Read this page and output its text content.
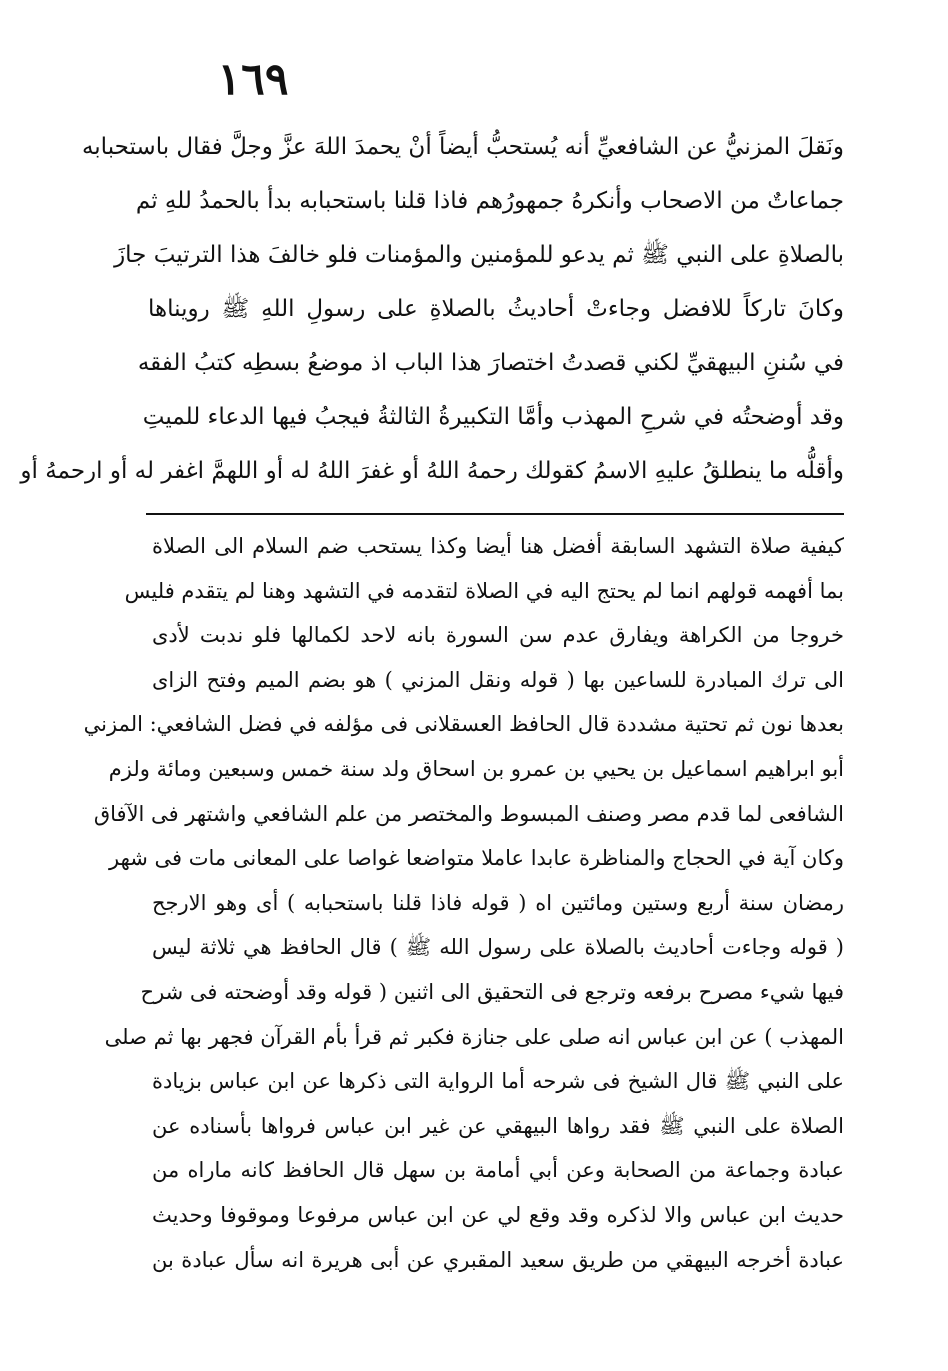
١٦٩
ونَقلَ المزنيُّ عن الشافعيِّ أنه يُستحبُّ أيضاً أنْ يحمدَ اللهَ عزَّ وجلَّ فقال باستحبابه
جماعاتٌ من الاصحاب وأنكرهُ جمهورُهم فاذا قلنا باستحبابه بدأ بالحمدُ للهِ ثم
بالصلاةِ على النبي ﷺ ثم يدعو للمؤمنين والمؤمنات فلو خالفَ هذا الترتيبَ جازَ
وكانَ تاركاً للافضل وجاءتْ أحاديثُ بالصلاةِ على رسولِ اللهِ ﷺ رويناها
في سُننِ البيهقيِّ لكني قصدتُ اختصارَ هذا الباب اذ موضعُ بسطِه كتبُ الفقه
وقد أوضحتُه في شرحِ المهذب وأمَّا التكبيرةُ الثالثةُ فيجبُ فيها الدعاء للميتِ
وأقلُّه ما ينطلقُ عليهِ الاسمُ كقولك رحمهُ اللهُ أو غفرَ اللهُ له أو اللهمَّ اغفر له أو ارحمهُ أو
كيفية صلاة التشهد السابقة أفضل هنا أيضا وكذا يستحب ضم السلام الى الصلاة
بما أفهمه قولهم انما لم يحتج اليه في الصلاة لتقدمه في التشهد وهنا لم يتقدم فليس
خروجا من الكراهة ويفارق عدم سن السورة بانه لاحد لكمالها فلو ندبت لأدى
الى ترك المبادرة للساعين بها ( قوله ونقل المزني ) هو بضم الميم وفتح الزاى
بعدها نون ثم تحتية مشددة قال الحافظ العسقلانى فى مؤلفه في فضل الشافعي: المزني
أبو ابراهيم اسماعيل بن يحيي بن عمرو بن اسحاق ولد سنة خمس وسبعين ومائة ولزم
الشافعى لما قدم مصر وصنف المبسوط والمختصر من علم الشافعي واشتهر فى الآفاق
وكان آية في الحجاج والمناظرة عابدا عاملا متواضعا غواصا على المعانى مات فى شهر
رمضان سنة أربع وستين ومائتين اه ( قوله فاذا قلنا باستحبابه ) أى وهو الارجح
( قوله وجاءت أحاديث بالصلاة على رسول الله ﷺ ) قال الحافظ هي ثلاثة ليس
فيها شيء مصرح برفعه وترجع فى التحقيق الى اثنين ( قوله وقد أوضحته فى شرح
المهذب ) عن ابن عباس انه صلى على جنازة فكبر ثم قرأ بأم القرآن فجهر بها ثم صلى
على النبي ﷺ قال الشيخ فى شرحه أما الرواية التى ذكرها عن ابن عباس بزيادة
الصلاة على النبي ﷺ فقد رواها البيهقي عن غير ابن عباس فرواها بأسناده عن
عبادة وجماعة من الصحابة وعن أبي أمامة بن سهل قال الحافظ كانه ماراه من
حديث ابن عباس والا لذكره وقد وقع لي عن ابن عباس مرفوعا وموقوفا وحديث
عبادة أخرجه البيهقي من طريق سعيد المقبري عن أبى هريرة انه سأل عبادة بن
